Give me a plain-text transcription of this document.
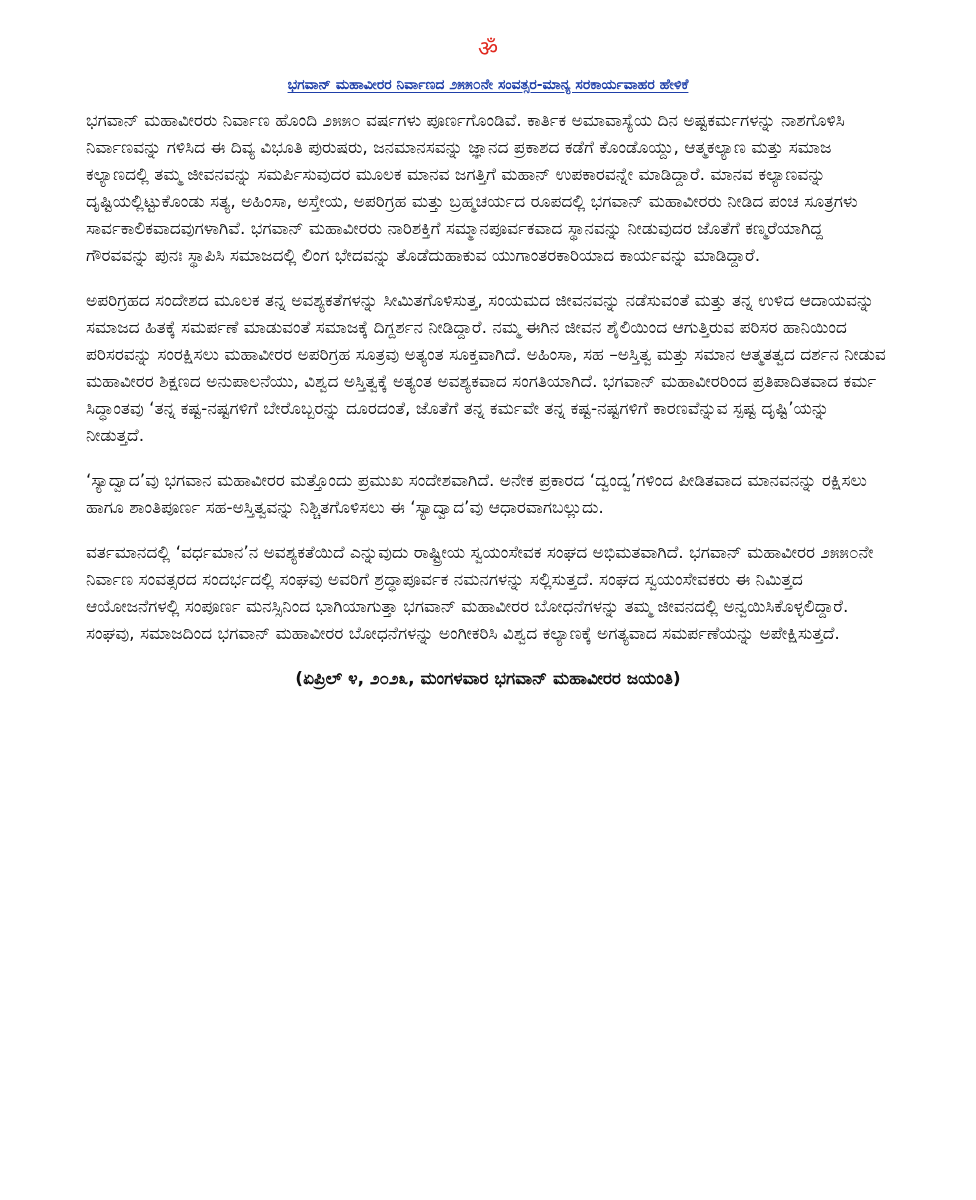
ॐ
ಭಗವಾನ್ ಮಹಾವೀರರ ನಿರ್ವಾಣದ ೨೫೫೦ನೇ ಸಂವತ್ಸರ-ಮಾನ್ಯ ಸರಕಾರ್ಯವಾಹರ ಹೇಳಿಕೆ

ಭಗವಾನ್ ಮಹಾವೀರರು ನಿರ್ವಾಣ ಹೊಂದಿ ೨೫೫೦ ವರ್ಷಗಳು ಪೂರ್ಣಗೊಂಡಿವೆ. ಕಾರ್ತಿಕ ಅಮಾವಾಸ್ಯೆಯ ದಿನ ಅಷ್ಟಕರ್ಮಗಳನ್ನು ನಾಶಗೊಳಿಸಿ ನಿರ್ವಾಣವನ್ನು ಗಳಿಸಿದ ಈ ದಿವ್ಯ ವಿಭೂತಿ ಪುರುಷರು, ಜನಮಾನಸವನ್ನು ಜ್ಞಾನದ ಪ್ರಕಾಶದ ಕಡೆಗೆ ಕೊಂಡೊಯ್ದು, ಆತ್ಮಕಲ್ಯಾಣ ಮತ್ತು ಸಮಾಜ ಕಲ್ಯಾಣದಲ್ಲಿ ತಮ್ಮ ಜೀವನವನ್ನು ಸಮರ್ಪಿಸುವುದರ ಮೂಲಕ ಮಾನವ ಜಗತ್ತಿಗೆ ಮಹಾನ್ ಉಪಕಾರವನ್ನೇ ಮಾಡಿದ್ದಾರೆ. ಮಾನವ ಕಲ್ಯಾಣವನ್ನು ದೃಷ್ಟಿಯಲ್ಲಿಟ್ಟುಕೊಂಡು ಸತ್ಯ, ಅಹಿಂಸಾ, ಅಸ್ತೇಯ, ಅಪರಿಗ್ರಹ ಮತ್ತು ಬ್ರಹ್ಮಚರ್ಯದ ರೂಪದಲ್ಲಿ ಭಗವಾನ್ ಮಹಾವೀರರು ನೀಡಿದ ಪಂಚ ಸೂತ್ರಗಳು ಸಾರ್ವಕಾಲಿಕವಾದವುಗಳಾಗಿವೆ. ಭಗವಾನ್ ಮಹಾವೀರರು ನಾರಿಶಕ್ತಿಗೆ ಸಮ್ಮಾನಪೂರ್ವಕವಾದ ಸ್ಥಾನವನ್ನು ನೀಡುವುದರ ಜೊತೆಗೆ ಕಣ್ಮರೆಯಾಗಿದ್ದ ಗೌರವವನ್ನು ಪುನಃ ಸ್ಥಾಪಿಸಿ ಸಮಾಜದಲ್ಲಿ ಲಿಂಗ ಭೇದವನ್ನು ತೊಡೆದುಹಾಕುವ ಯುಗಾಂತರಕಾರಿಯಾದ ಕಾರ್ಯವನ್ನು ಮಾಡಿದ್ದಾರೆ.

ಅಪರಿಗ್ರಹದ ಸಂದೇಶದ ಮೂಲಕ ತನ್ನ ಅವಶ್ಯಕತೆಗಳನ್ನು ಸೀಮಿತಗೊಳಿಸುತ್ತ, ಸಂಯಮದ ಜೀವನವನ್ನು ನಡೆಸುವಂತೆ ಮತ್ತು ತನ್ನ ಉಳಿದ ಆದಾಯವನ್ನು ಸಮಾಜದ ಹಿತಕ್ಕೆ ಸಮರ್ಪಣೆ ಮಾಡುವಂತೆ ಸಮಾಜಕ್ಕೆ ದಿಗ್ದರ್ಶನ ನೀಡಿದ್ದಾರೆ. ನಮ್ಮ ಈಗಿನ ಜೀವನ ಶೈಲಿಯಿಂದ ಆಗುತ್ತಿರುವ ಪರಿಸರ ಹಾನಿಯಿಂದ ಪರಿಸರವನ್ನು ಸಂರಕ್ಷಿಸಲು ಮಹಾವೀರರ ಅಪರಿಗ್ರಹ ಸೂತ್ರವು ಅತ್ಯಂತ ಸೂಕ್ತವಾಗಿದೆ. ಅಹಿಂಸಾ, ಸಹ –ಅಸ್ತಿತ್ವ ಮತ್ತು ಸಮಾನ ಆತ್ಮತತ್ವದ ದರ್ಶನ ನೀಡುವ ಮಹಾವೀರರ ಶಿಕ್ಷಣದ ಅನುಪಾಲನೆಯು, ವಿಶ್ವದ ಅಸ್ತಿತ್ವಕ್ಕೆ ಅತ್ಯಂತ ಅವಶ್ಯಕವಾದ ಸಂಗತಿಯಾಗಿದೆ. ಭಗವಾನ್ ಮಹಾವೀರರಿಂದ ಪ್ರತಿಪಾದಿತವಾದ ಕರ್ಮ ಸಿದ್ಧಾಂತವು ‘ತನ್ನ ಕಷ್ಟ-ನಷ್ಟಗಳಿಗೆ ಬೇರೊಬ್ಬರನ್ನು ದೂರದಂತೆ, ಜೊತೆಗೆ ತನ್ನ ಕರ್ಮವೇ ತನ್ನ ಕಷ್ಟ-ನಷ್ಟಗಳಿಗೆ ಕಾರಣವೆನ್ನುವ ಸ್ಪಷ್ಟ ದೃಷ್ಟಿ’ಯನ್ನು ನೀಡುತ್ತದೆ.

‘ಸ್ಯಾದ್ವಾದ’ವು ಭಗವಾನ ಮಹಾವೀರರ ಮತ್ತೊಂದು ಪ್ರಮುಖ ಸಂದೇಶವಾಗಿದೆ. ಅನೇಕ ಪ್ರಕಾರದ ‘ದ್ವಂದ್ವ’ಗಳಿಂದ ಪೀಡಿತವಾದ ಮಾನವನನ್ನು ರಕ್ಷಿಸಲು ಹಾಗೂ ಶಾಂತಿಪೂರ್ಣ ಸಹ-ಅಸ್ತಿತ್ವವನ್ನು ನಿಶ್ಚಿತಗೊಳಿಸಲು ಈ ‘ಸ್ಯಾದ್ವಾದ’ವು ಆಧಾರವಾಗಬಲ್ಲುದು.

ವರ್ತಮಾನದಲ್ಲಿ ‘ವರ್ಧಮಾನ’ನ ಅವಶ್ಯಕತೆಯಿದೆ ಎನ್ನುವುದು ರಾಷ್ಟ್ರೀಯ ಸ್ವಯಂಸೇವಕ ಸಂಘದ ಅಭಿಮತವಾಗಿದೆ. ಭಗವಾನ್ ಮಹಾವೀರರ ೨೫೫೦ನೇ ನಿರ್ವಾಣ ಸಂವತ್ಸರದ ಸಂದರ್ಭದಲ್ಲಿ ಸಂಘವು ಅವರಿಗೆ ಶ್ರದ್ಧಾಪೂರ್ವಕ ನಮನಗಳನ್ನು ಸಲ್ಲಿಸುತ್ತದೆ. ಸಂಘದ ಸ್ವಯಂಸೇವಕರು ಈ ನಿಮಿತ್ತದ ಆಯೋಜನೆಗಳಲ್ಲಿ ಸಂಪೂರ್ಣ ಮನಸ್ಸಿನಿಂದ ಭಾಗಿಯಾಗುತ್ತಾ ಭಗವಾನ್ ಮಹಾವೀರರ ಬೋಧನೆಗಳನ್ನು ತಮ್ಮ ಜೀವನದಲ್ಲಿ ಅನ್ವಯಿಸಿಕೊಳ್ಳಲಿದ್ದಾರೆ. ಸಂಘವು, ಸಮಾಜದಿಂದ ಭಗವಾನ್ ಮಹಾವೀರರ ಬೋಧನೆಗಳನ್ನು ಅಂಗೀಕರಿಸಿ ವಿಶ್ವದ ಕಲ್ಯಾಣಕ್ಕೆ ಅಗತ್ಯವಾದ ಸಮರ್ಪಣೆಯನ್ನು ಅಪೇಕ್ಷಿಸುತ್ತದೆ.

(ಏಪ್ರಿಲ್ ೪, ೨೦೨೩, ಮಂಗಳವಾರ ಭಗವಾನ್ ಮಹಾವೀರರ ಜಯಂತಿ)
